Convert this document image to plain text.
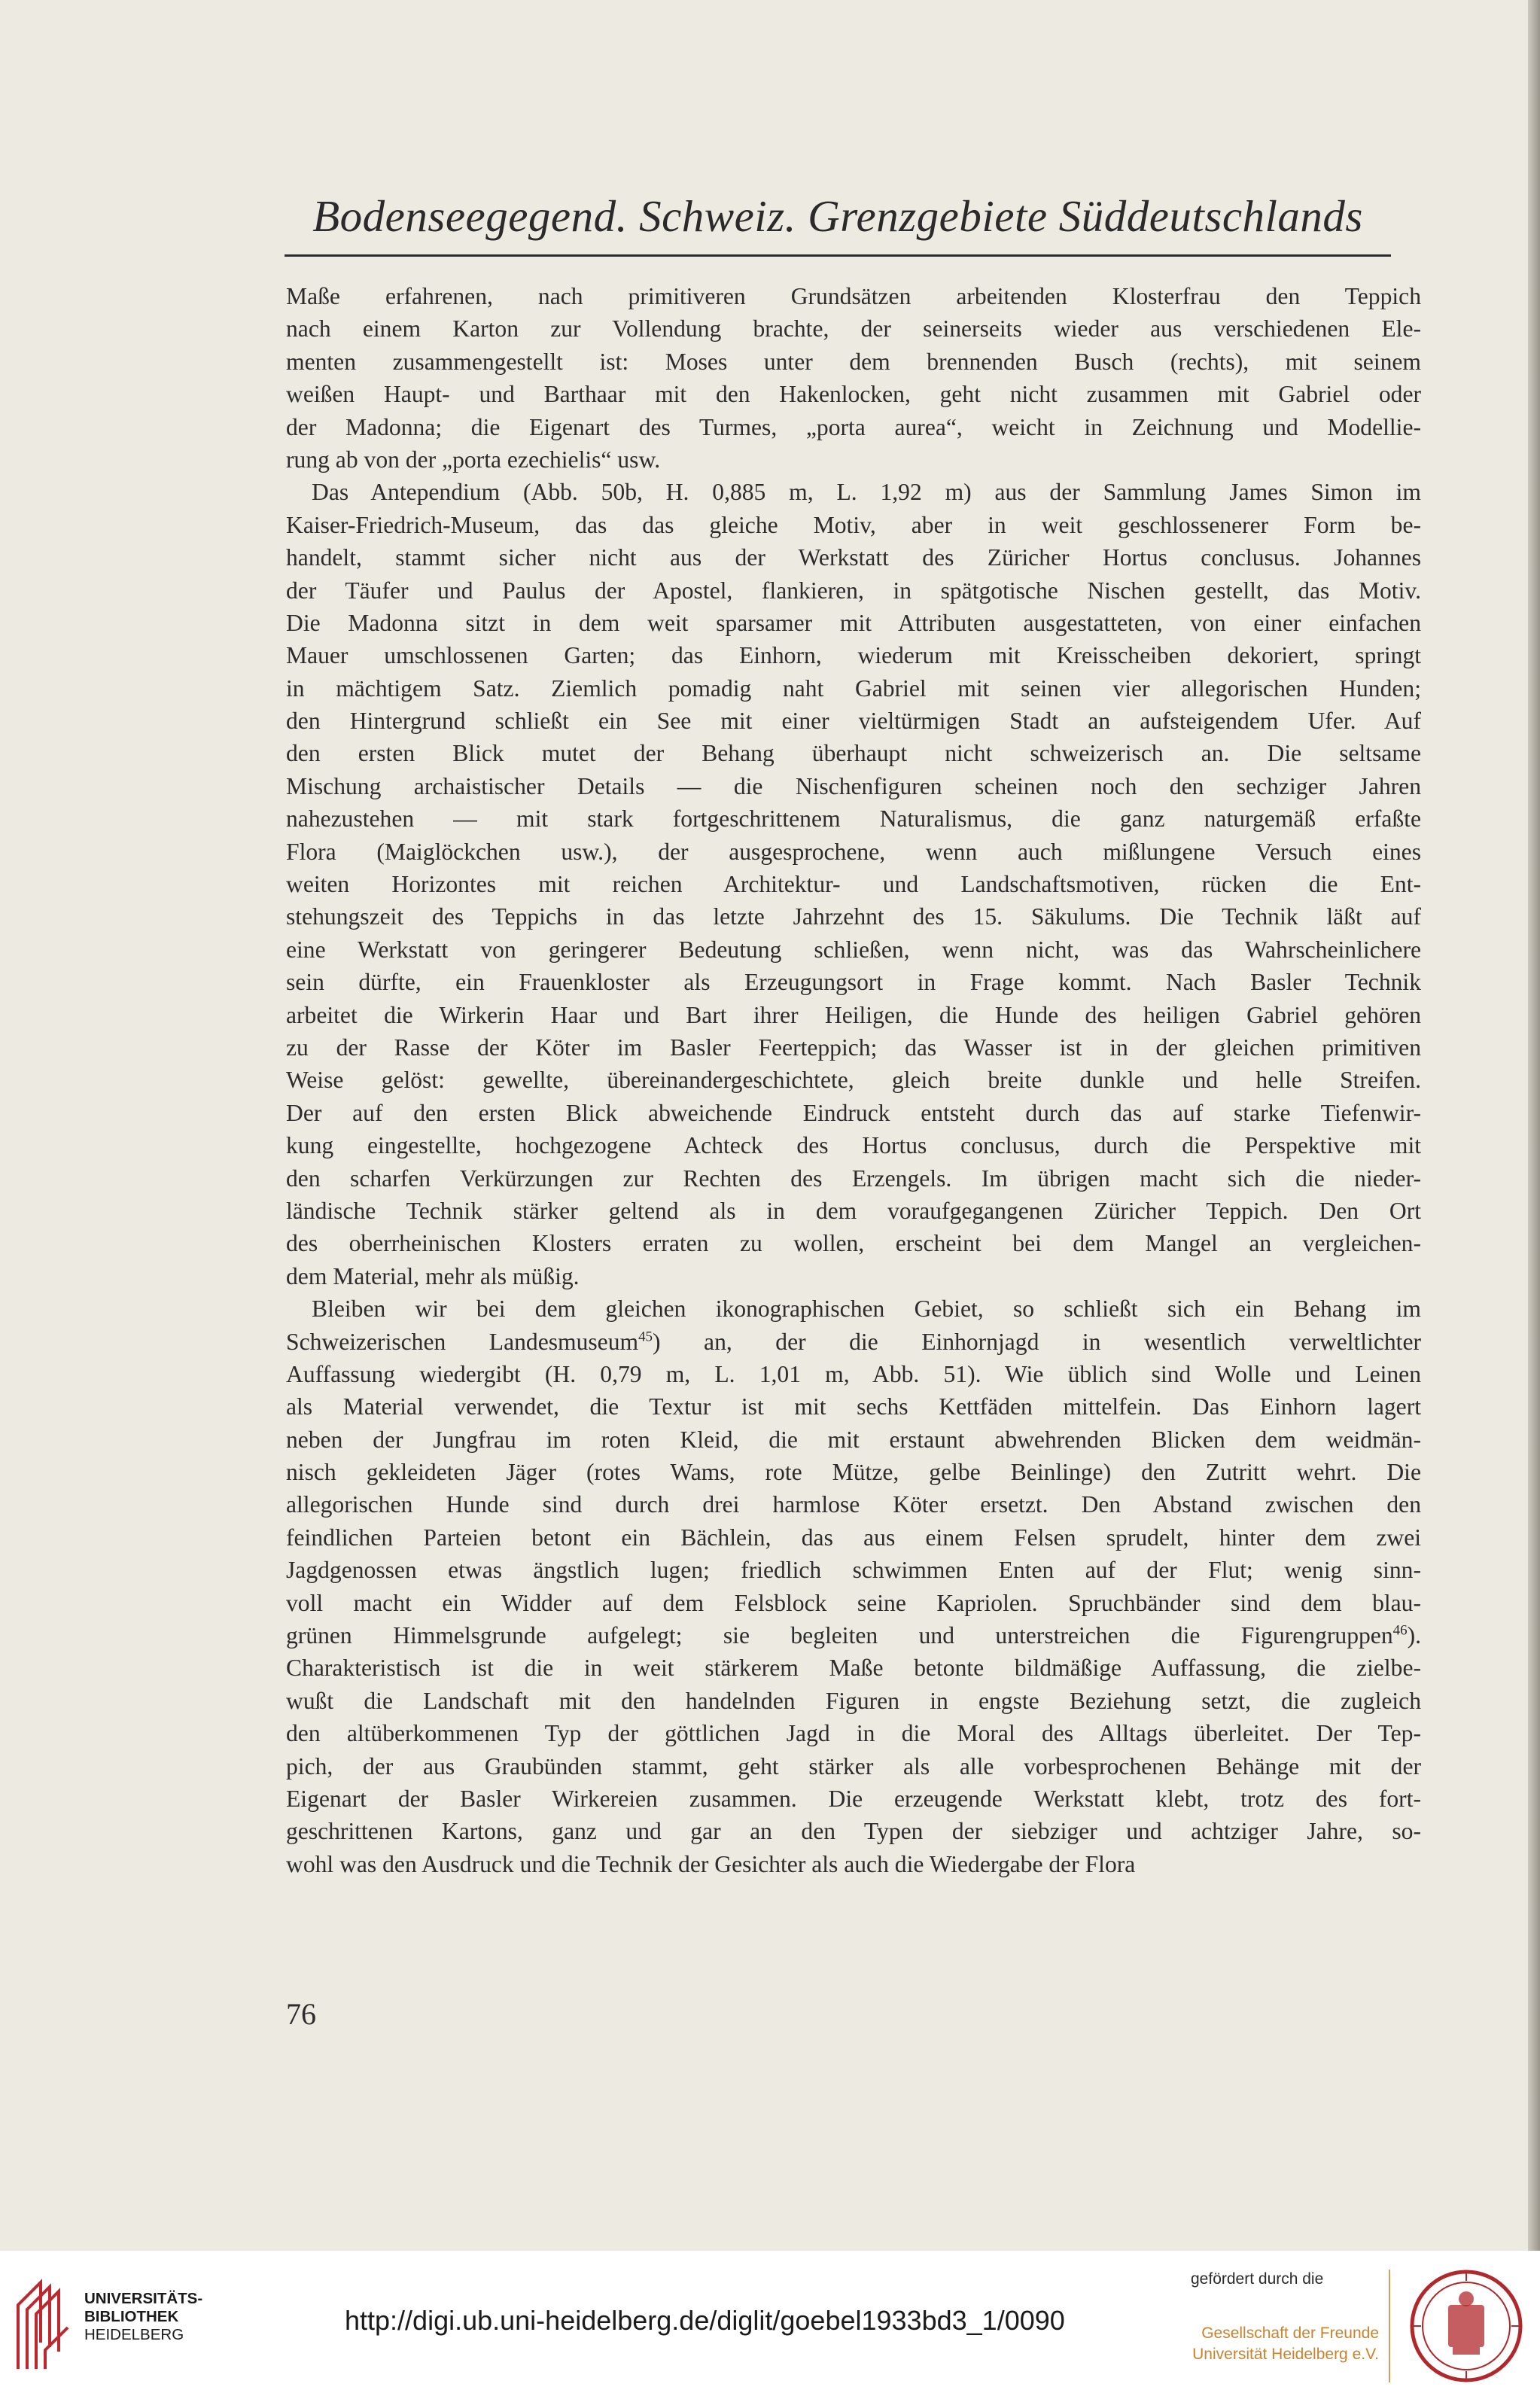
Bodenseegegend. Schweiz. Grenzgebiete Süddeutschlands
Maße erfahrenen, nach primitiveren Grundsätzen arbeitenden Klosterfrau den Teppich
nach einem Karton zur Vollendung brachte, der seinerseits wieder aus verschiedenen Ele-
menten zusammengestellt ist: Moses unter dem brennenden Busch (rechts), mit seinem
weißen Haupt- und Barthaar mit den Hakenlocken, geht nicht zusammen mit Gabriel oder
der Madonna; die Eigenart des Turmes, „porta aurea“, weicht in Zeichnung und Modellie-
rung ab von der „porta ezechielis“ usw.
Das Antependium (Abb. 50b, H. 0,885 m, L. 1,92 m) aus der Sammlung James Simon im
Kaiser-Friedrich-Museum, das das gleiche Motiv, aber in weit geschlossenerer Form be-
handelt, stammt sicher nicht aus der Werkstatt des Züricher Hortus conclusus. Johannes
der Täufer und Paulus der Apostel, flankieren, in spätgotische Nischen gestellt, das Motiv.
Die Madonna sitzt in dem weit sparsamer mit Attributen ausgestatteten, von einer einfachen
Mauer umschlossenen Garten; das Einhorn, wiederum mit Kreisscheiben dekoriert, springt
in mächtigem Satz. Ziemlich pomadig naht Gabriel mit seinen vier allegorischen Hunden;
den Hintergrund schließt ein See mit einer vieltürmigen Stadt an aufsteigendem Ufer. Auf
den ersten Blick mutet der Behang überhaupt nicht schweizerisch an. Die seltsame
Mischung archaistischer Details — die Nischenfiguren scheinen noch den sechziger Jahren
nahezustehen — mit stark fortgeschrittenem Naturalismus, die ganz naturgemäß erfaßte
Flora (Maiglöckchen usw.), der ausgesprochene, wenn auch mißlungene Versuch eines
weiten Horizontes mit reichen Architektur- und Landschaftsmotiven, rücken die Ent-
stehungszeit des Teppichs in das letzte Jahrzehnt des 15. Säkulums. Die Technik läßt auf
eine Werkstatt von geringerer Bedeutung schließen, wenn nicht, was das Wahrscheinlichere
sein dürfte, ein Frauenkloster als Erzeugungsort in Frage kommt. Nach Basler Technik
arbeitet die Wirkerin Haar und Bart ihrer Heiligen, die Hunde des heiligen Gabriel gehören
zu der Rasse der Köter im Basler Feerteppich; das Wasser ist in der gleichen primitiven
Weise gelöst: gewellte, übereinandergeschichtete, gleich breite dunkle und helle Streifen.
Der auf den ersten Blick abweichende Eindruck entsteht durch das auf starke Tiefenwir-
kung eingestellte, hochgezogene Achteck des Hortus conclusus, durch die Perspektive mit
den scharfen Verkürzungen zur Rechten des Erzengels. Im übrigen macht sich die nieder-
ländische Technik stärker geltend als in dem voraufgegangenen Züricher Teppich. Den Ort
des oberrheinischen Klosters erraten zu wollen, erscheint bei dem Mangel an vergleichen-
dem Material, mehr als müßig.
Bleiben wir bei dem gleichen ikonographischen Gebiet, so schließt sich ein Behang im
Schweizerischen Landesmuseum$^{45}$) an, der die Einhornjagd in wesentlich verweltlichter
Auffassung wiedergibt (H. 0,79 m, L. 1,01 m, Abb. 51). Wie üblich sind Wolle und Leinen
als Material verwendet, die Textur ist mit sechs Kettfäden mittelfein. Das Einhorn lagert
neben der Jungfrau im roten Kleid, die mit erstaunt abwehrenden Blicken dem weidmän-
nisch gekleideten Jäger (rotes Wams, rote Mütze, gelbe Beinlinge) den Zutritt wehrt. Die
allegorischen Hunde sind durch drei harmlose Köter ersetzt. Den Abstand zwischen den
feindlichen Parteien betont ein Bächlein, das aus einem Felsen sprudelt, hinter dem zwei
Jagdgenossen etwas ängstlich lugen; friedlich schwimmen Enten auf der Flut; wenig sinn-
voll macht ein Widder auf dem Felsblock seine Kapriolen. Spruchbänder sind dem blau-
grünen Himmelsgrunde aufgelegt; sie begleiten und unterstreichen die Figurengruppen$^{46}$).
Charakteristisch ist die in weit stärkerem Maße betonte bildmäßige Auffassung, die zielbe-
wußt die Landschaft mit den handelnden Figuren in engste Beziehung setzt, die zugleich
den altüberkommenen Typ der göttlichen Jagd in die Moral des Alltags überleitet. Der Tep-
pich, der aus Graubünden stammt, geht stärker als alle vorbesprochenen Behänge mit der
Eigenart der Basler Wirkereien zusammen. Die erzeugende Werkstatt klebt, trotz des fort-
geschrittenen Kartons, ganz und gar an den Typen der siebziger und achtziger Jahre, so-
wohl was den Ausdruck und die Technik der Gesichter als auch die Wiedergabe der Flora
76
UNIVERSITÄTS-
BIBLIOTHEK
HEIDELBERG	http://digi.ub.uni-heidelberg.de/diglit/goebel1933bd3_1/0090
gefördert durch die
Gesellschaft der Freunde
Universität Heidelberg e.V.
